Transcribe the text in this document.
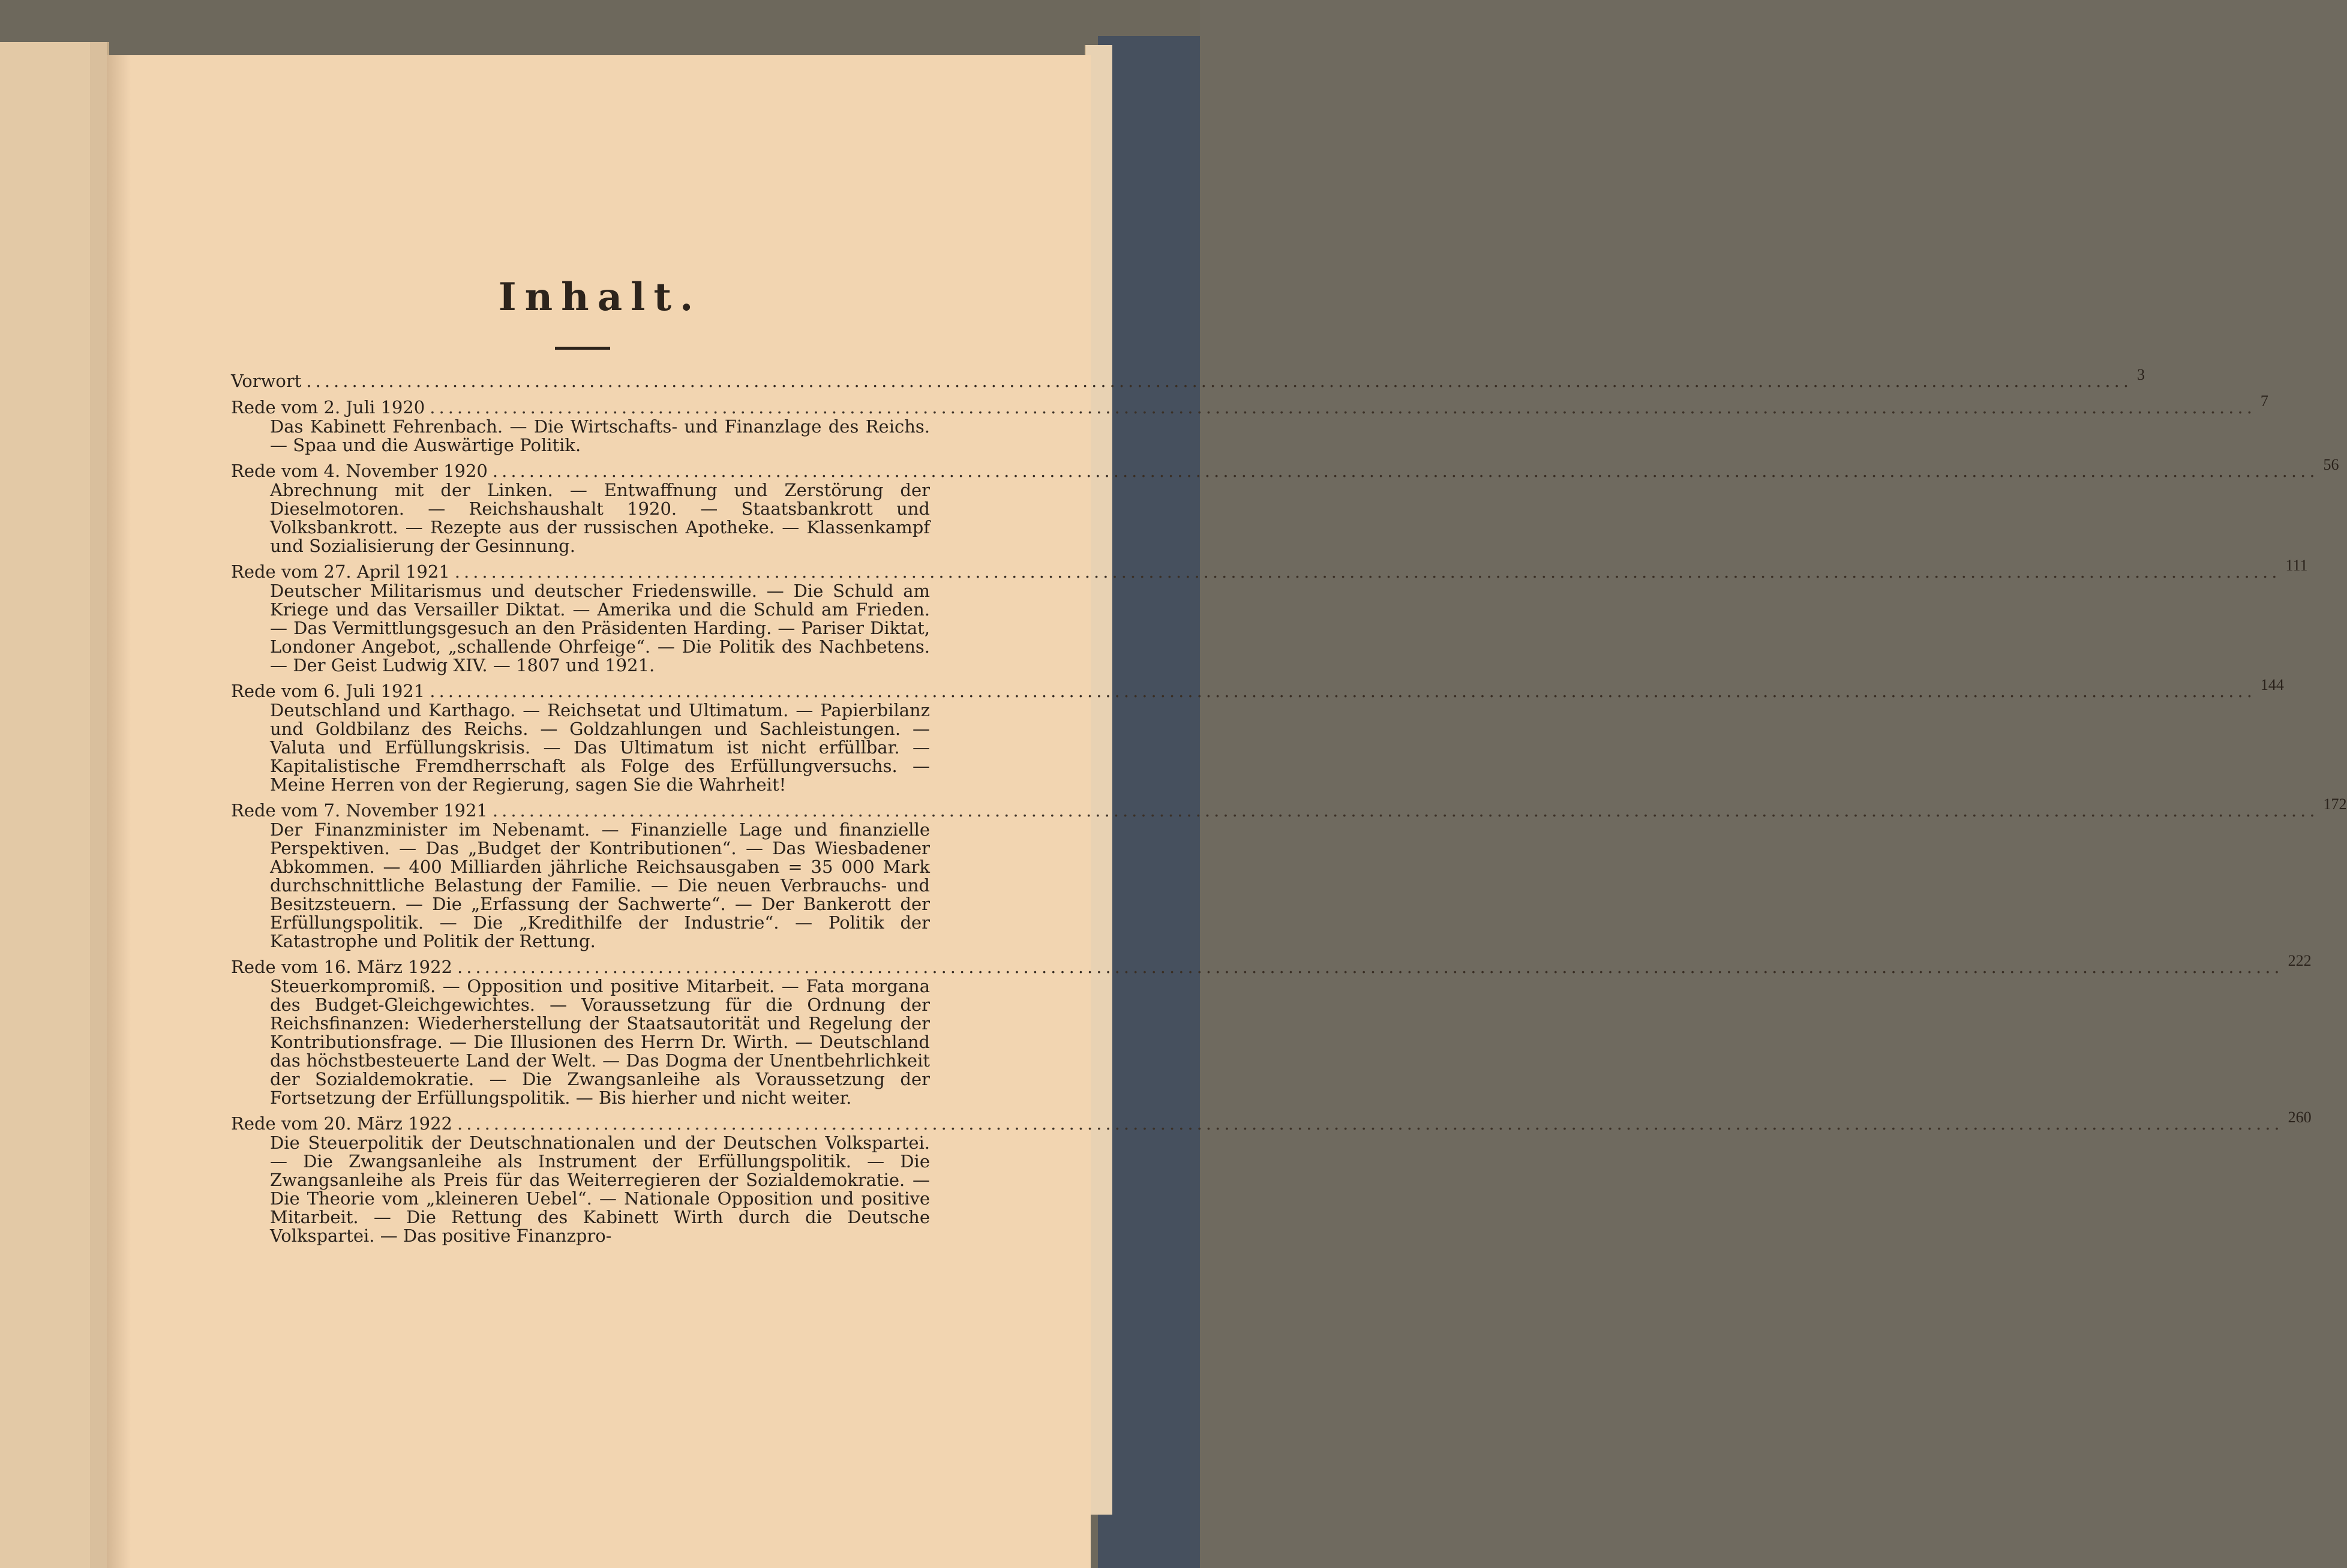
Inhalt.
Vorwort ........................................................................................................................................................................................................ 3
Rede vom 2. Juli 1920 ........................................................................................................................................................................................................ 7
Das Kabinett Fehrenbach. — Die Wirtschafts- und Finanzlage des Reichs. — Spaa und die Auswärtige Politik.
Rede vom 4. November 1920 ........................................................................................................................................................................................................ 56
Abrechnung mit der Linken. — Entwaffnung und Zerstörung der Dieselmotoren. — Reichshaushalt 1920. — Staatsbankrott und Volksbankrott. — Rezepte aus der russischen Apotheke. — Klassenkampf und Sozialisierung der Gesinnung.
Rede vom 27. April 1921 ........................................................................................................................................................................................................ 111
Deutscher Militarismus und deutscher Friedenswille. — Die Schuld am Kriege und das Versailler Diktat. — Amerika und die Schuld am Frieden. — Das Vermittlungsgesuch an den Präsidenten Harding. — Pariser Diktat, Londoner Angebot, „schallende Ohrfeige“. — Die Politik des Nachbetens. — Der Geist Ludwig XIV. — 1807 und 1921.
Rede vom 6. Juli 1921 ........................................................................................................................................................................................................ 144
Deutschland und Karthago. — Reichsetat und Ultimatum. — Papierbilanz und Goldbilanz des Reichs. — Goldzahlungen und Sachleistungen. — Valuta und Erfüllungskrisis. — Das Ultimatum ist nicht erfüllbar. — Kapitalistische Fremdherrschaft als Folge des Erfüllungversuchs. — Meine Herren von der Regierung, sagen Sie die Wahrheit!
Rede vom 7. November 1921 ........................................................................................................................................................................................................ 172
Der Finanzminister im Nebenamt. — Finanzielle Lage und finanzielle Perspektiven. — Das „Budget der Kontributionen“. — Das Wiesbadener Abkommen. — 400 Milliarden jährliche Reichsausgaben = 35 000 Mark durchschnittliche Belastung der Familie. — Die neuen Verbrauchs- und Besitzsteuern. — Die „Erfassung der Sachwerte“. — Der Bankerott der Erfüllungspolitik. — Die „Kredithilfe der Industrie“. — Politik der Katastrophe und Politik der Rettung.
Rede vom 16. März 1922 ........................................................................................................................................................................................................ 222
Steuerkompromiß. — Opposition und positive Mitarbeit. — Fata morgana des Budget-Gleichgewichtes. — Voraussetzung für die Ordnung der Reichsfinanzen: Wiederherstellung der Staatsautorität und Regelung der Kontributionsfrage. — Die Illusionen des Herrn Dr. Wirth. — Deutschland das höchstbesteuerte Land der Welt. — Das Dogma der Unentbehrlichkeit der Sozialdemokratie. — Die Zwangsanleihe als Voraussetzung der Fortsetzung der Erfüllungspolitik. — Bis hierher und nicht weiter.
Rede vom 20. März 1922 ........................................................................................................................................................................................................ 260
Die Steuerpolitik der Deutschnationalen und der Deutschen Volkspartei. — Die Zwangsanleihe als Instrument der Erfüllungspolitik. — Die Zwangsanleihe als Preis für das Weiterregieren der Sozialdemokratie. — Die Theorie vom „kleineren Uebel“. — Nationale Opposition und positive Mitarbeit. — Die Rettung des Kabinett Wirth durch die Deutsche Volkspartei. — Das positive Finanzpro-
